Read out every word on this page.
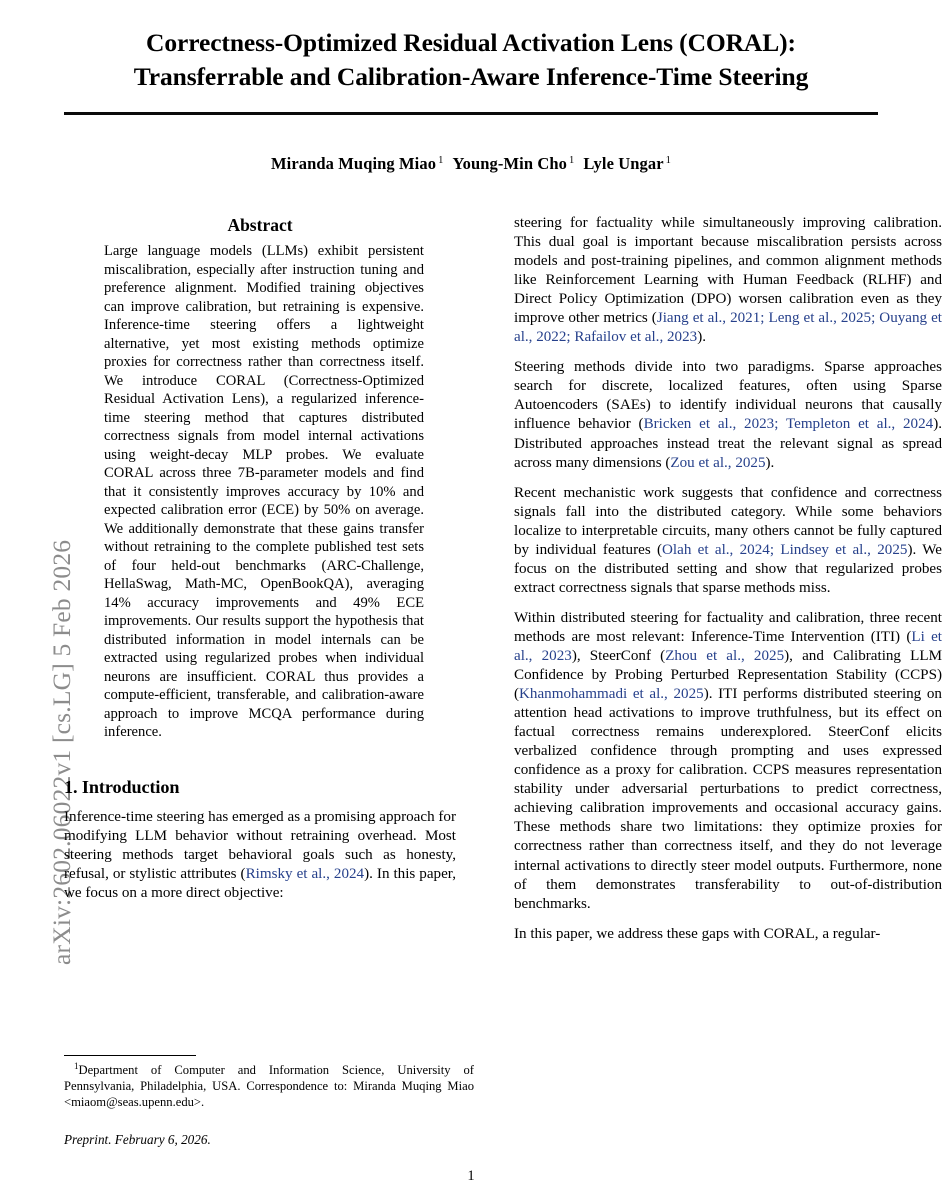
arXiv:2602.06022v1 [cs.LG] 5 Feb 2026
Correctness-Optimized Residual Activation Lens (CORAL):
Transferrable and Calibration-Aware Inference-Time Steering
Miranda Muqing Miao $^1$ Young-Min Cho $^1$ Lyle Ungar $^1$
Abstract

Large language models (LLMs) exhibit persistent miscalibration, especially after instruction tuning and preference alignment. Modified training objectives can improve calibration, but retraining is expensive. Inference-time steering offers a lightweight alternative, yet most existing methods optimize proxies for correctness rather than correctness itself. We introduce CORAL (Correctness-Optimized Residual Activation Lens), a regularized inference-time steering method that captures distributed correctness signals from model internal activations using weight-decay MLP probes. We evaluate CORAL across three 7B-parameter models and find that it consistently improves accuracy by 10% and expected calibration error (ECE) by 50% on average. We additionally demonstrate that these gains transfer without retraining to the complete published test sets of four held-out benchmarks (ARC-Challenge, HellaSwag, Math-MC, OpenBookQA), averaging 14% accuracy improvements and 49% ECE improvements. Our results support the hypothesis that distributed information in model internals can be extracted using regularized probes when individual neurons are insufficient. CORAL thus provides a compute-efficient, transferable, and calibration-aware approach to improve MCQA performance during inference.

1. Introduction

Inference-time steering has emerged as a promising approach for modifying LLM behavior without retraining overhead. Most steering methods target behavioral goals such as honesty, refusal, or stylistic attributes (Rimsky et al., 2024). In this paper, we focus on a more direct objective:

steering for factuality while simultaneously improving calibration. This dual goal is important because miscalibration persists across models and post-training pipelines, and common alignment methods like Reinforcement Learning with Human Feedback (RLHF) and Direct Policy Optimization (DPO) worsen calibration even as they improve other metrics (Jiang et al., 2021; Leng et al., 2025; Ouyang et al., 2022; Rafailov et al., 2023).

Steering methods divide into two paradigms. Sparse approaches search for discrete, localized features, often using Sparse Autoencoders (SAEs) to identify individual neurons that causally influence behavior (Bricken et al., 2023; Templeton et al., 2024). Distributed approaches instead treat the relevant signal as spread across many dimensions (Zou et al., 2025).

Recent mechanistic work suggests that confidence and correctness signals fall into the distributed category. While some behaviors localize to interpretable circuits, many others cannot be fully captured by individual features (Olah et al., 2024; Lindsey et al., 2025). We focus on the distributed setting and show that regularized probes extract correctness signals that sparse methods miss.

Within distributed steering for factuality and calibration, three recent methods are most relevant: Inference-Time Intervention (ITI) (Li et al., 2023), SteerConf (Zhou et al., 2025), and Calibrating LLM Confidence by Probing Perturbed Representation Stability (CCPS) (Khanmohammadi et al., 2025). ITI performs distributed steering on attention head activations to improve truthfulness, but its effect on factual correctness remains underexplored. SteerConf elicits verbalized confidence through prompting and uses expressed confidence as a proxy for calibration. CCPS measures representation stability under adversarial perturbations to predict correctness, achieving calibration improvements and occasional accuracy gains. These methods share two limitations: they optimize proxies for correctness rather than correctness itself, and they do not leverage internal activations to directly steer model outputs. Furthermore, none of them demonstrates transferability to out-of-distribution benchmarks.

In this paper, we address these gaps with CORAL, a regular-

$^1$Department of Computer and Information Science, University of Pennsylvania, Philadelphia, USA. Correspondence to: Miranda Muqing Miao <miaom@seas.upenn.edu>.

Preprint. February 6, 2026.

1
